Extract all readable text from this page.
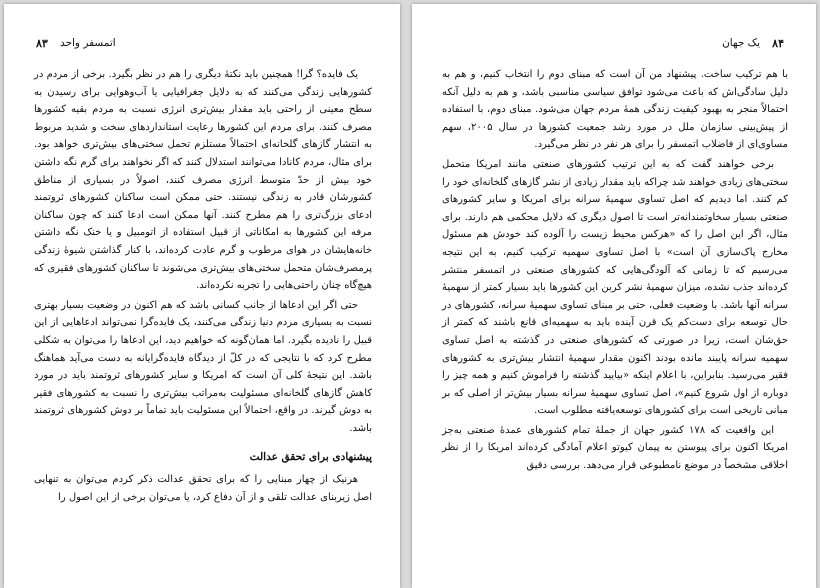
۸۴
یک جهان

با هم ترکیب ساخت. پیشنهاد من آن است که مبنای دوم را انتخاب کنیم، و هم به دلیل سادگی‌اش که باعث می‌شود توافق سیاسی مناسبی باشد، و هم به دلیل آنکه احتمالاً منجر به بهبود کیفیت زندگی همهٔ مردم جهان می‌شود. مبنای دوم، با استفاده از پیش‌بینی سازمان ملل در مورد رشد جمعیت کشورها در سال ۲۰۰۵، سهم مساوی‌ای از فاضلاب اتمسفر را برای هر نفر در نظر می‌گیرد.

برخی خواهند گفت که به این ترتیب کشورهای صنعتی مانند امریکا متحمل سختی‌های زیادی خواهند شد چراکه باید مقدار زیادی از نشر گازهای گلخانه‌ای خود را کم کنند. اما دیدیم که اصل تساوی سهمیهٔ سرانه برای امریکا و سایر کشورهای صنعتی بسیار سخاوتمندانه‌تر است تا اصول دیگری که دلایل محکمی هم دارند. برای مثال، اگر این اصل را که «هرکس محیط زیست را آلوده کند خودش هم مسئول مخارج پاک‌سازی آن است» با اصل تساوی سهمیه ترکیب کنیم، به این نتیجه می‌رسیم که تا زمانی که آلودگی‌هایی که کشورهای صنعتی در اتمسفر منتشر کرده‌اند جذب نشده، میزان سهمیهٔ نشر کربن این کشورها باید بسیار کمتر از سهمیهٔ سرانه آنها باشد. با وضعیت فعلی، حتی بر مبنای تساوی سهمیهٔ سرانه، کشورهای در حال توسعه برای دست‌کم یک قرن آینده باید به سهمیه‌ای قانع باشند که کمتر از حق‌شان است، زیرا در صورتی که کشورهای صنعتی در گذشته به اصل تساوی سهمیه سرانه پایبند مانده بودند اکنون مقدار سهمیهٔ انتشار بیش‌تری به کشورهای فقیر می‌رسید. بنابراین، با اعلام اینکه «بیایید گذشته را فراموش کنیم و همه چیز را دوباره از اول شروع کنیم»، اصل تساوی سهمیهٔ سرانه بسیار بیش‌تر از اصلی که بر مبانی تاریخی است برای کشورهای توسعه‌یافته مطلوب است.

این واقعیت که ۱۷۸ کشور جهان از جملهٔ تمام کشورهای عمدهٔ صنعتی به‌جز امریکا اکنون برای پیوستن به پیمان کیوتو اعلام آمادگی کرده‌اند امریکا را از نظر اخلاقی مشخصاً در موضع نامطبوعی قرار می‌دهد. بررسی دقیق

۸۳ اتمسفر واحد

یک فایده؟ گرا! همچنین باید نکتهٔ دیگری را هم در نظر بگیرد. برخی از مردم در کشورهایی زندگی می‌کنند که به دلایل جغرافیایی یا آب‌وهوایی برای رسیدن به سطح معینی از راحتی باید مقدار بیش‌تری انرژی نسبت به مردم بقیه کشورها مصرف کنند. برای مردم این کشورها رعایت استانداردهای سخت و شدید مربوط به انتشار گازهای گلخانه‌ای احتمالاً مستلزم تحمل سختی‌های بیش‌تری خواهد بود. برای مثال، مردم کانادا می‌توانند استدلال کنند که اگر نخواهند برای گرم نگه داشتن خود بیش از حدّ متوسط انرژی مصرف کنند، اصولاً در بسیاری از مناطق کشورشان قادر به زندگی نیستند. حتی ممکن است ساکنان کشورهای ثروتمند ادعای بزرگ‌تری را هم مطرح کنند. آنها ممکن است ادعا کنند که چون ساکنان مرفه این کشورها به امکاناتی از قبیل استفاده از اتومبیل و یا خنک نگه داشتن خانه‌هایشان در هوای مرطوب و گرم عادت کرده‌اند، با کنار گذاشتن شیوهٔ زندگی پرمصرف‌شان متحمل سختی‌های بیش‌تری می‌شوند تا ساکنان کشورهای فقیری که هیچ‌گاه چنان راحتی‌هایی را تجربه نکرده‌اند.

حتی اگر این ادعاها از جانب کسانی باشد که هم اکنون در وضعیت بسیار بهتری نسبت به بسیاری مردم دنیا زندگی می‌کنند، یک فایده‌گرا نمی‌تواند ادعاهایی از این قبیل را نادیده بگیرد. اما همان‌گونه که خواهیم دید، این ادعاها را می‌توان به شکلی مطرح کرد که با نتایجی که در کلّ از دیدگاه فایده‌گرایانه به دست می‌آید هماهنگ باشد. این نتیجهٔ کلی آن است که امریکا و سایر کشورهای ثروتمند باید در مورد کاهش گازهای گلخانه‌ای مسئولیت به‌مراتب بیش‌تری را نسبت به کشورهای فقیر به دوش گیرند. در واقع، احتمالاً این مسئولیت باید تماماً بر دوش کشورهای ثروتمند باشد.

پیشنهادی برای تحقق عدالت

هرنیک از چهار مبنایی را که برای تحقق عدالت ذکر کردم می‌توان به تنهایی اصل زیربنای عدالت تلقی و از آن دفاع کرد، یا می‌توان برخی از این اصول را
